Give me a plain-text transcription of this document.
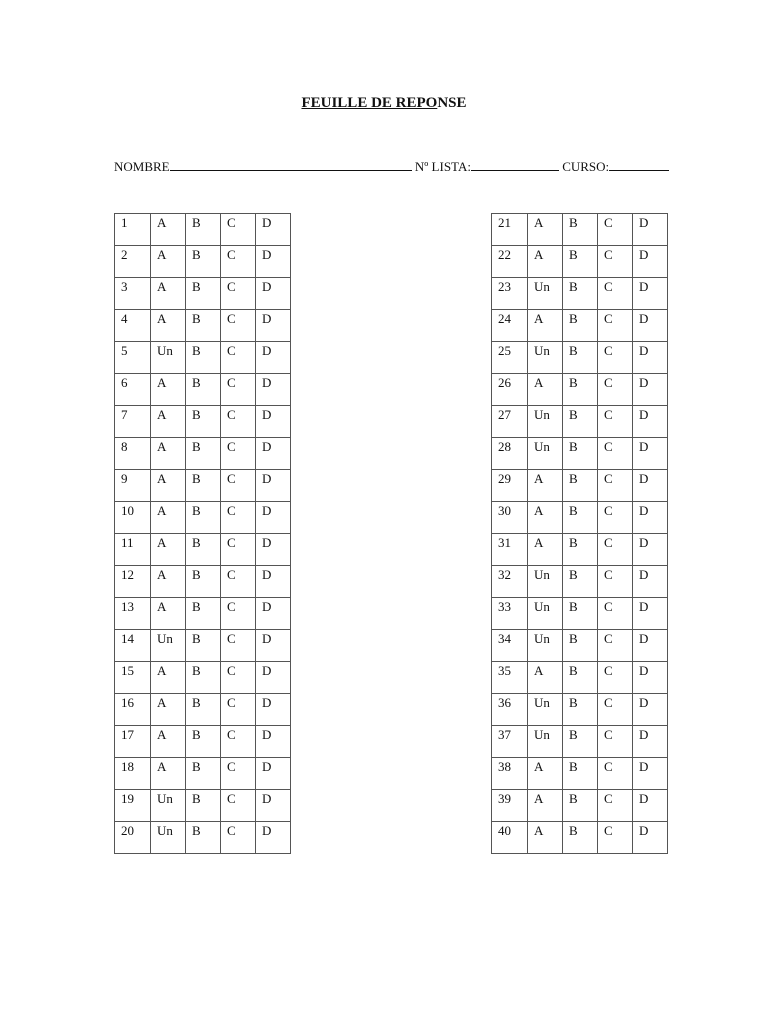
FEUILLE DE REPONSE
NOMBRE	Nº LISTA:	CURSO:
1	A	B	C	D
2	A	B	C	D
3	A	B	C	D
4	A	B	C	D
5	Un	B	C	D
6	A	B	C	D
7	A	B	C	D
8	A	B	C	D
9	A	B	C	D
10	A	B	C	D
11	A	B	C	D
12	A	B	C	D
13	A	B	C	D
14	Un	B	C	D
15	A	B	C	D
16	A	B	C	D
17	A	B	C	D
18	A	B	C	D
19	Un	B	C	D
20	Un	B	C	D
21	A	B	C	D
22	A	B	C	D
23	Un	B	C	D
24	A	B	C	D
25	Un	B	C	D
26	A	B	C	D
27	Un	B	C	D
28	Un	B	C	D
29	A	B	C	D
30	A	B	C	D
31	A	B	C	D
32	Un	B	C	D
33	Un	B	C	D
34	Un	B	C	D
35	A	B	C	D
36	Un	B	C	D
37	Un	B	C	D
38	A	B	C	D
39	A	B	C	D
40	A	B	C	D
